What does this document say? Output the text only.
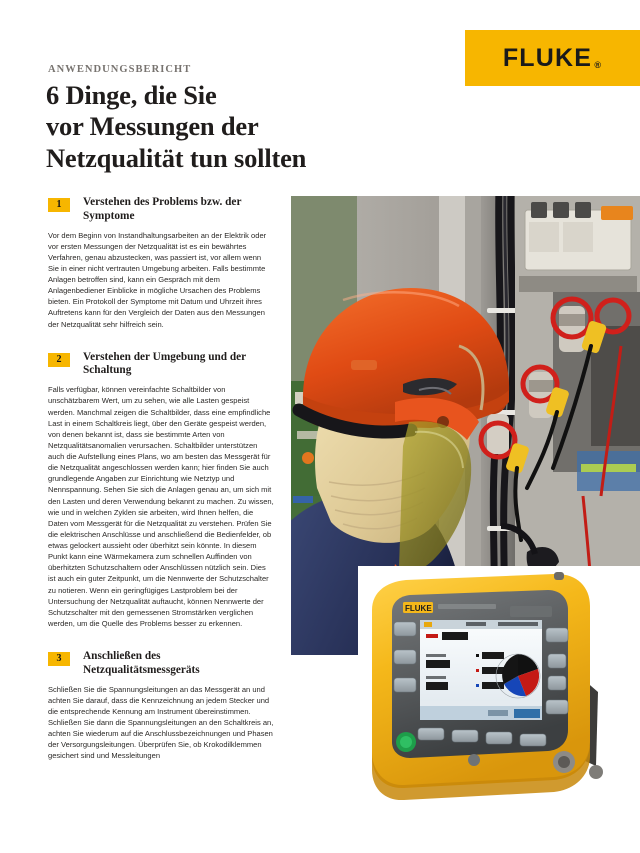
FLUKE ®
ANWENDUNGSBERICHT
6 Dinge, die Sie
vor Messungen der
Netzqualität tun sollten
1	Verstehen des Problems bzw. der Symptome

Vor dem Beginn von Instandhaltungsarbeiten an der Elektrik oder vor ersten Messungen der Netzqualität ist es ein bewährtes Verfahren, genau abzustecken, was passiert ist, vor allem wenn Sie in einer nicht vertrauten Umgebung arbeiten. Falls bestimmte Anlagen betroffen sind, kann ein Gespräch mit dem Anlagenbediener Einblicke in mögliche Ursachen des Problems bieten. Ein Protokoll der Symptome mit Datum und Uhrzeit ihres Auftretens kann für den Vergleich der Daten aus den Messungen der Netzqualität sehr hilfreich sein.

2	Verstehen der Umgebung und der Schaltung

Falls verfügbar, können vereinfachte Schaltbilder von unschätzbarem Wert, um zu sehen, wie alle Lasten gespeist werden. Manchmal zeigen die Schaltbilder, dass eine empfindliche Last in einem Schaltkreis liegt, über den Geräte gespeist werden, von denen bekannt ist, dass sie bestimmte Arten von Netzqualitätsanomalien verursachen. Schaltbilder unterstützen auch die Aufstellung eines Plans, wo am besten das Messgerät für die Netzqualität angeschlossen werden kann; hier finden Sie auch grundlegende Angaben zur Einrichtung wie Netztyp und Nennspannung. Sehen Sie sich die Anlagen genau an, um sich mit den Lasten und deren Verwendung bekannt zu machen. Zu wissen, wie und in welchen Zyklen sie arbeiten, wird Ihnen helfen, die Daten vom Messgerät für die Netzqualität zu verstehen. Prüfen Sie die elektrischen Anschlüsse und anschließend die Bedienfelder, ob etwas gelockert aussieht oder überhitzt sein könnte. In diesem Punkt kann eine Wärmekamera zum schnellen Auffinden von überhitzten Schutzschaltern oder Anschlüssen nützlich sein. Dies ist auch ein guter Zeitpunkt, um die Nennwerte der Schutzschalter zu notieren. Wenn ein geringfügiges Lastproblem bei der Untersuchung der Netzqualität auftaucht, können Nennwerte der Schutzschalter mit den gemessenen Stromstärken verglichen werden, um die Quelle des Problems besser zu erkennen.

3	Anschließen des Netzqualitätsmessgeräts

Schließen Sie die Spannungsleitungen an das Messgerät an und achten Sie darauf, dass die Kennzeichnung an jedem Stecker und die entsprechende Kennung am Instrument übereinstimmen. Schließen Sie dann die Spannungsleitungen an den Schaltkreis an, achten Sie wiederum auf die Anschlussbezeichnungen und Phasen der Versorgungsleitungen. Überprüfen Sie, ob Krokodilklemmen gesichert sind und Messleitungen

FLUKE
